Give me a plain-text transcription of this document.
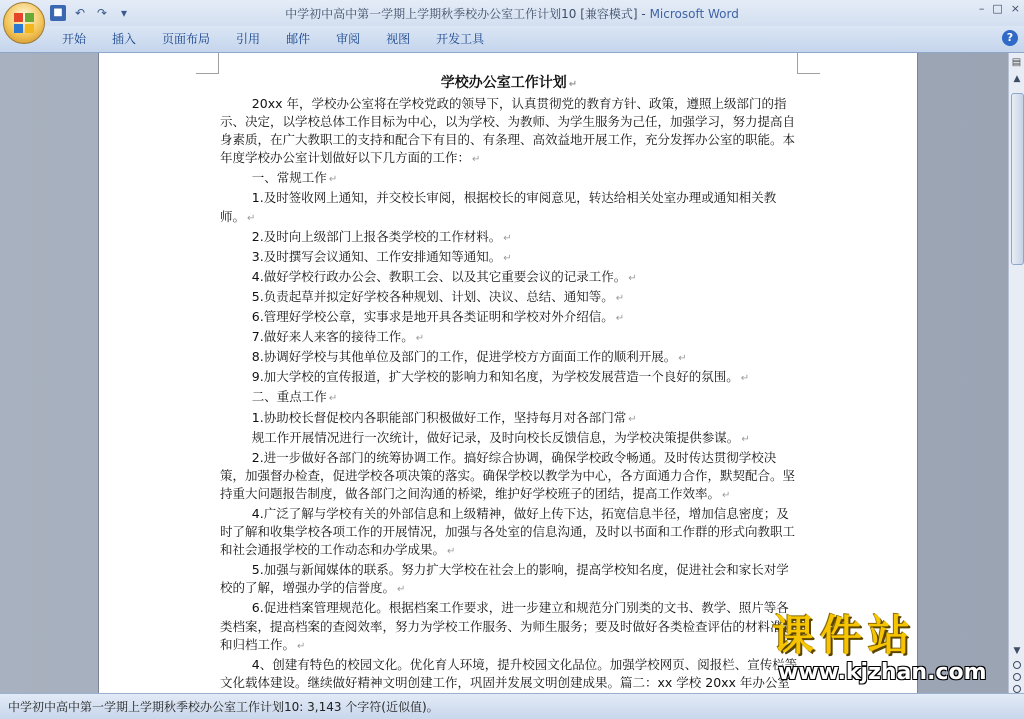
■ ↶ ↷	▾	中学初中高中第一学期上学期秋季校办公室工作计划10 [兼容模式] - Microsoft Word	– □ ×
开始	插入	页面布局	引用	邮件	审阅	视图	开发工具	?

学校办公室工作计划 ↵

20xx 年，学校办公室将在学校党政的领导下，认真贯彻党的教育方针、政策，遵照上级部门的指示、决定，以学校总体工作目标为中心，以为学校、为教师、为学生服务为己任，加强学习，努力提高自身素质，在广大教职工的支持和配合下有目的、有条理、高效益地开展工作，充分发挥办公室的职能。本年度学校办公室计划做好以下几方面的工作： ↵

一、常规工作 ↵

1.及时签收网上通知，并交校长审阅，根据校长的审阅意见，转达给相关处室办理或通知相关教师。 ↵

2.及时向上级部门上报各类学校的工作材料。 ↵

3.及时撰写会议通知、工作安排通知等通知。 ↵

4.做好学校行政办公会、教职工会、以及其它重要会议的记录工作。 ↵

5.负责起草并拟定好学校各种规划、计划、决议、总结、通知等。 ↵

6.管理好学校公章，实事求是地开具各类证明和学校对外介绍信。 ↵

7.做好来人来客的接待工作。 ↵

8.协调好学校与其他单位及部门的工作，促进学校方方面面工作的顺利开展。 ↵

9.加大学校的宣传报道，扩大学校的影响力和知名度，为学校发展营造一个良好的氛围。 ↵

二、重点工作 ↵

1.协助校长督促校内各职能部门积极做好工作，坚持每月对各部门常 ↵

规工作开展情况进行一次统计，做好记录，及时向校长反馈信息，为学校决策提供参谋。 ↵

2.进一步做好各部门的统筹协调工作。搞好综合协调，确保学校政令畅通。及时传达贯彻学校决策，加强督办检查，促进学校各项决策的落实。确保学校以教学为中心，各方面通力合作，默契配合。坚持重大问题报告制度，做各部门之间沟通的桥梁，维护好学校班子的团结，提高工作效率。 ↵

4.广泛了解与学校有关的外部信息和上级精神，做好上传下达，拓宽信息半径，增加信息密度；及时了解和收集学校各项工作的开展情况，加强与各处室的信息沟通，及时以书面和工作群的形式向教职工和社会通报学校的工作动态和办学成果。 ↵

5.加强与新闻媒体的联系。努力扩大学校在社会上的影响，提高学校知名度，促进社会和家长对学校的了解，增强办学的信誉度。 ↵

6.促进档案管理规范化。根据档案工作要求，进一步建立和规范分门别类的文书、教学、照片等各类档案，提高档案的查阅效率，努力为学校工作服务、为师生服务；要及时做好各类检查评估的材料准备和归档工作。 ↵

4、创建有特色的校园文化。优化育人环境，提升校园文化品位。加强学校网页、阅报栏、宣传栏等文化载体建设。继续做好精神文明创建工作，巩固并发展文明创建成果。篇二：xx 学校 20xx 年办公室

▤
▲
▼
中学初中高中第一学期上学期秋季校办公室工作计划10: 3,143 个字符(近似值)。
课件站
www.kjzhan.com
